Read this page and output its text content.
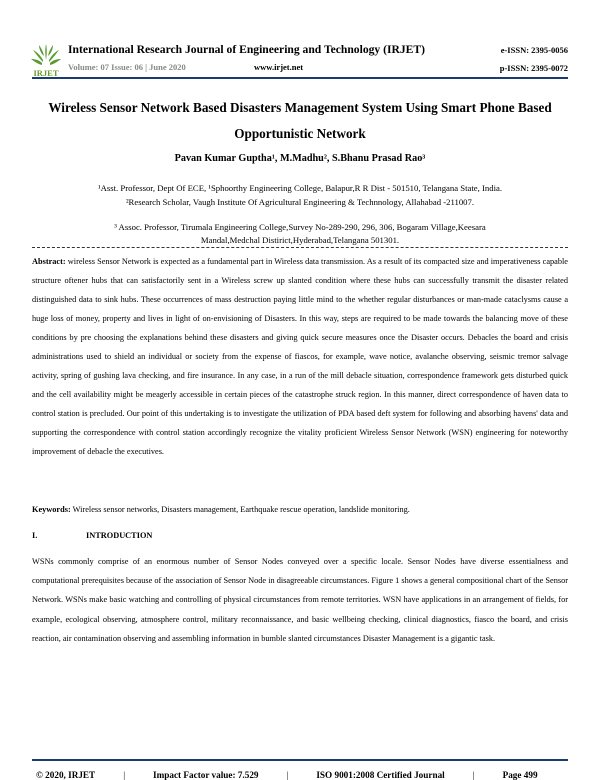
IRJET
International Research Journal of Engineering and Technology (IRJET)
Volume: 07 Issue: 06 | June 2020	www.irjet.net
e-ISSN: 2395-0056
p-ISSN: 2395-0072
Wireless Sensor Network Based Disasters Management System Using Smart Phone Based Opportunistic Network
Pavan Kumar Guptha¹, M.Madhu², S.Bhanu Prasad Rao³
¹Asst. Professor, Dept Of ECE, ¹Sphoorthy Engineering College, Balapur,R R Dist - 501510, Telangana State, India.
²Research Scholar, Vaugh Institute Of Agricultural Engineering & Technnology, Allahabad -211007.
³ Assoc. Professor, Tirumala Engineering College,Survey No-289-290, 296, 306, Bogaram Village,Keesara
Mandal,Medchal Distirict,Hyderabad,Telangana 501301.
Abstract: wireless Sensor Network is expected as a fundamental part in Wireless data transmission. As a result of its compacted size and imperativeness capable structure oftener hubs that can satisfactorily sent in a Wireless screw up slanted condition where these hubs can successfully transmit the disaster related distinguished data to sink hubs. These occurrences of mass destruction paying little mind to the whether regular disturbances or man-made cataclysms cause a huge loss of money, property and lives in light of on-envisioning of Disasters. In this way, steps are required to be made towards the balancing move of these conditions by pre choosing the explanations behind these disasters and giving quick secure measures once the Disaster occurs. Debacles the board and crisis administrations used to shield an individual or society from the expense of fiascos, for example, wave notice, avalanche observing, seismic tremor salvage activity, spring of gushing lava checking, and fire insurance. In any case, in a run of the mill debacle situation, correspondence framework gets disturbed quick and the cell availability might be meagerly accessible in certain pieces of the catastrophe struck region. In this manner, direct correspondence of haven data to control station is precluded. Our point of this undertaking is to investigate the utilization of PDA based deft system for following and absorbing havens' data and supporting the correspondence with control station accordingly recognize the vitality proficient Wireless Sensor Network (WSN) engineering for noteworthy improvement of debacle the executives.
Keywords: Wireless sensor networks, Disasters management, Earthquake rescue operation, landslide monitoring.
I.	INTRODUCTION
WSNs commonly comprise of an enormous number of Sensor Nodes conveyed over a specific locale. Sensor Nodes have diverse essentialness and computational prerequisites because of the association of Sensor Node in disagreeable circumstances. Figure 1 shows a general compositional chart of the Sensor Network. WSNs make basic watching and controlling of physical circumstances from remote territories. WSN have applications in an arrangement of fields, for example, ecological observing, atmosphere control, military reconnaissance, and basic wellbeing checking, clinical diagnostics, fiasco the board, and crisis reaction, air contamination observing and assembling information in bumble slanted circumstances Disaster Management is a gigantic task.
© 2020, IRJET	|	Impact Factor value: 7.529	|	ISO 9001:2008 Certified Journal	|	Page 499
